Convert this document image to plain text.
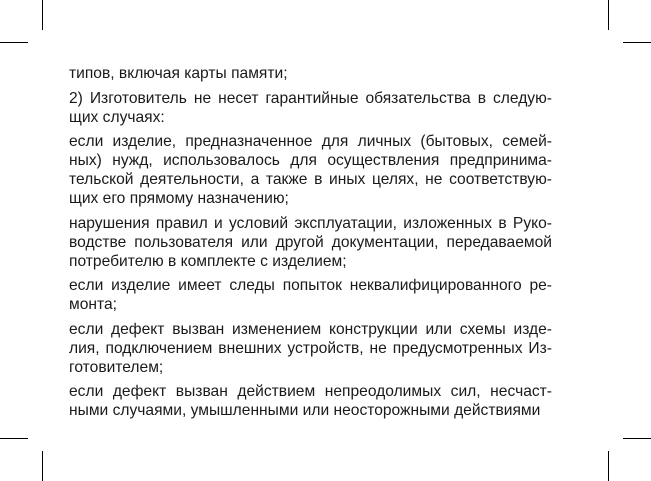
типов, включая карты памяти;

2) Изготовитель не несет гарантийные обязательства в следую-щих случаях:

если изделие, предназначенное для личных (бытовых, семей-ных) нужд, использовалось для осуществления предпринима-тельской деятельности, а также в иных целях, не соответствую-щих его прямому назначению;

нарушения правил и условий эксплуатации, изложенных в Руко-водстве пользователя или другой документации, передаваемой потребителю в комплекте с изделием;

если изделие имеет следы попыток неквалифицированного ре-монта;

если дефект вызван изменением конструкции или схемы изде-лия, подключением внешних устройств, не предусмотренных Из-готовителем;

если дефект вызван действием непреодолимых сил, несчаст-ными случаями, умышленными или неосторожными действиями
